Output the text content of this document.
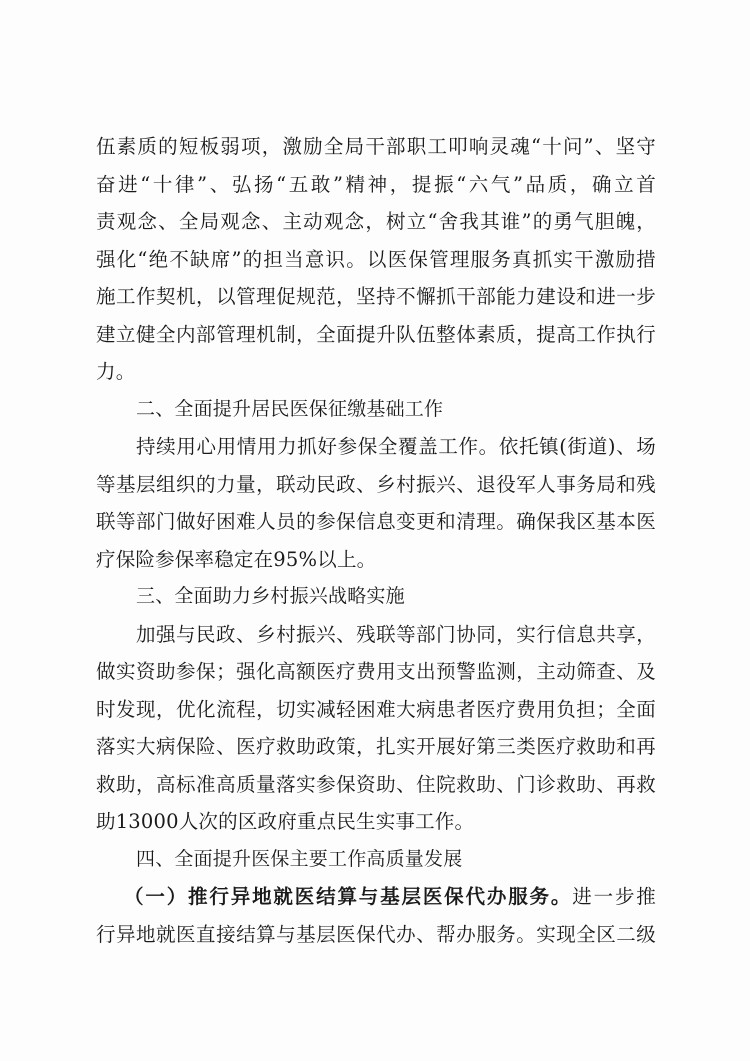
伍素质的短板弱项，激励全局干部职工叩响灵魂“十问”、坚守
奋进“十律”、弘扬“五敢”精神，提振“六气”品质，确立首
责观念、全局观念、主动观念，树立“舍我其谁”的勇气胆魄，
强化“绝不缺席”的担当意识。以医保管理服务真抓实干激励措
施工作契机，以管理促规范，坚持不懈抓干部能力建设和进一步
建立健全内部管理机制，全面提升队伍整体素质，提高工作执行
力。
二、全面提升居民医保征缴基础工作
持续用心用情用力抓好参保全覆盖工作。依托镇(街道)、场
等基层组织的力量，联动民政、乡村振兴、退役军人事务局和残
联等部门做好困难人员的参保信息变更和清理。确保我区基本医
疗保险参保率稳定在95%以上。
三、全面助力乡村振兴战略实施
加强与民政、乡村振兴、残联等部门协同，实行信息共享，
做实资助参保；强化高额医疗费用支出预警监测，主动筛查、及
时发现，优化流程，切实减轻困难大病患者医疗费用负担；全面
落实大病保险、医疗救助政策，扎实开展好第三类医疗救助和再
救助，高标准高质量落实参保资助、住院救助、门诊救助、再救
助13000人次的区政府重点民生实事工作。
四、全面提升医保主要工作高质量发展
（一）推行异地就医结算与基层医保代办服务。进一步推
行异地就医直接结算与基层医保代办、帮办服务。实现全区二级
